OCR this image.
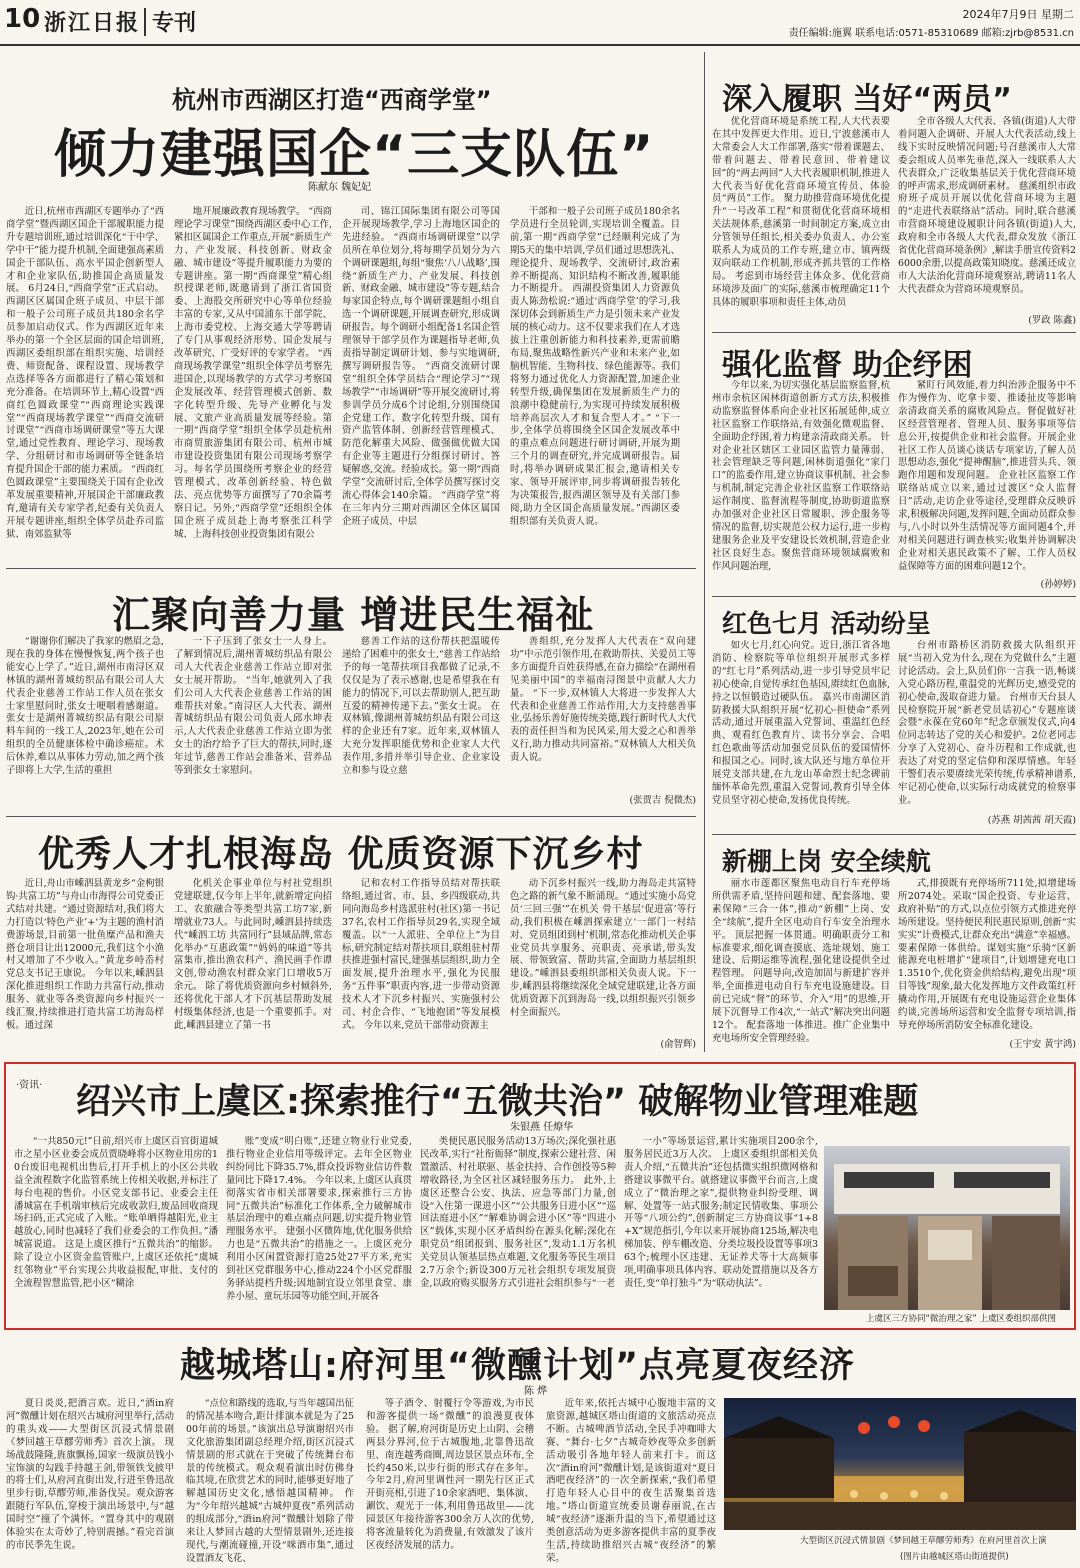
10 浙江日报 专刊	2024年7月9日 星期二
责任编辑:施翼 联系电话:0571-85310689 邮箱:zjrb@8531.cn
杭州市西湖区打造“西商学堂”
倾力建强国企“三支队伍”
陈献东 魏妃妃
近日,杭州市西湖区专题举办了“西商学堂”暨西湖区国企干部履职能力提升专题培训班,通过培训深化“干中学、学中干”能力提升机制,全面建强高素质国企干部队伍、高水平国企创新型人才和企业家队伍,助推国企高质量发展。 6月24日,“西商学堂”正式启动。西湖区区属国企班子成员、中层干部和一般子公司班子成员共180余名学员参加启动仪式。作为西湖区近年来举办的第一个全区层面的国企培训班,西湖区委组织部在组织实施、培训经费、师资配备、课程设置、现场教学点选择等各方面都进行了精心策划和充分准备。在培训环节上,精心设置“西商红色圆政课堂”“西商理论实践课堂”“西商现场教学课堂”“西商交流研讨课堂”“西商市场调研课堂”等五大课堂,通过党性教育、理论学习、现场教学、分组研讨和市场调研等全链条培育提升国企干部的能力素质。 “西商红色圆政课堂”主要围绕关于国有企业改革发展重要精神,开展国企干部廉政教育,邀请有关专家学者,纪委有关负责人开展专题讲座,组织全体学员赴乔司监狱、南郊监狱等
地开展廉政教育现场教学。 “西商理论学习课堂”围绕西湖区委中心工作,紧扣区属国企工作重点,开展“新质生产力、产业发展、科技创新、财政金融、城市建设”等提升履职能力为要的专题讲座。第一期“西商课堂”精心组织授课老师,既邀请到了浙江省国资委、上海股交所研究中心等单位经验丰富的专家,又从中国浦东干部学院、上海市委党校、上海交通大学等聘请了专门从事观经济形势、国企发展与改革研究、广受好评的专家学者。 “西商现场教学课堂”组织全体学员考察先进国企,以现场教学的方式学习考察国企发展改革、经营管理模式创新、数字化转型升级、先导产业孵化与发展、文旅产业高质量发展等经验。第一期“西商学堂”组织全体学员赴杭州市商贸旅游集团有限公司、杭州市城市建设投资集团有限公司现场考察学习。每名学员围绕所考察企业的经营管理模式、改革创新经验、特色做法、亮点优势等方面撰写了70余篇考察日记。另外,“西商学堂”还组织全体国企班子成员赴上海考察张江科学城、上海科技创业投资集团有限公
司、锦江国际集团有限公司等国企开展现场教学,学习上海地区国企的先进经验。 “西商市场调研课堂”以学员所在单位划分,将每期学员划分为六个调研课题组,每组“聚焦‘八八战略’,围绕“新质生产力、产业发展、科技创新、财政金融、城市建设”等专题,结合每家国企特点,每个调研课题组小组自选一个调研课题,开展调查研究,形成调研报告。每个调研小组配备1名国企管理领导干部学员作为课题指导老师,负责指导制定调研计划、参与实地调研,撰写调研报告等。 “西商交流研讨课堂”组织全体学员结合“理论学习”“现场教学”“市场调研”等开展交流研讨,将参训学员分成6个讨论组,分别围绕国企党建工作、数字化转型升级、国有资产监管体制、创新经营管理模式、防范化解重大风险、做强做优做大国有企业等主题进行分组探讨研讨、答疑解惑,交流。经验成长。第一期“西商学堂”交流研讨后,全体学员撰写探讨交流心得体会140余篇。 “西商学堂”将在三年内分三期对西湖区全体区属国企班子成员、中层
干部和一般子公司班子成员180余名学员进行全员轮训,实现培训全覆盖。目前,第一期“西商学堂”已经顺利完成了为期5天的集中培训,学员们通过思想洗礼、理论提升、现场教学、交流研讨,政治素养不断提高、知识结构不断改善,履职能力不断提升。 西湖投资集团人力资源负责人陈劲松说:“通过‘西商学堂’的学习,我深切体会到新质生产力是引领未来产业发展的核心动力。这不仅要求我们在人才选拔上注重创新能力和科技素养,更需前瞻布局,聚焦战略性新兴产业和未来产业,如脑机智能、生物科技、绿色能源等。我们将努力通过优化人力资源配置,加速企业转型升级,确保集团在发展新质生产力的浪潮中稳健前行,为实现可持续发展积极培养高层次人才和复合型人才。” “下一步,全体学员将围绕全区国企发展改革中的重点难点问题进行研讨调研,开展为期三个月的调查研究,并完成调研报告。届时,将举办调研成果汇报会,邀请相关专家、领导开展评审,同步将调研报告转化为决策报告,报西湖区领导及有关部门参阅,助力全区国企高质量发展。”西湖区委组织部有关负责人说。
深入履职 当好“两员”
优化营商环境是系统工程,人大代表要在其中发挥更大作用。近日,宁波慈溪市人大常委会人大工作部署,落实“带着课题去、带着问题去、带着民意回、带着建议回”的“两去两回”人大代表履职机制,推进人大代表当好优化营商环境宣传员、体验员“两员”工作。 聚力助推营商环境优化提升“一号改革工程”和贯彻优化营商环境相关法规体系,慈溪第一时间制定方案,成立由分管领导任组长,相关委办负责人、办公室联系人为成员的工作专班,建立市、镇两级双向联动工作机制,形成齐抓共管的工作格局。 考虑到市场经营主体众多、优化营商环境涉及面广的实际,慈溪市梳理确定11个具体的履职事项和责任主体,动员
全市各级人大代表、各镇(街道)人大带着问题入企调研、开展人大代表活动,线上线下实时反映情况问题;号召慈溪市人大常委会组成人员率先垂范,深入一线联系人大代表群众,广泛收集基层关于优化营商环境的呼声需求,形成调研素材。 慈溪组织市政府班子成员开展以优化营商环境为主题的“走进代表联络站”活动。同时,联合慈溪市营商环境建设履职计问各镇(街道)人大,政府和全市各级人大代表,群众发放《浙江省优化营商环境条例》,解读手册宣传资料26000余册,以提高政策知晓度。慈溪还成立市人大法治化营商环境观察站,聘请11名人大代表群众为营商环境观察员。
(罗政 陈鑫)
强化监督 助企纾困
今年以来,为切实强化基层监察监督,杭州市余杭区闲林街道创新方式方法,积极推动监察监督体系向企业社区拓展延伸,成立社区监察工作联络站,有效强化微观监督、全面助企纾困,着力构建亲清政商关系。 针对企业社区辖区工业园区监管力量薄弱、社会管理缺乏等问题,闲林街道强化“家门口”的监委作用,建立协商议事机制、社会参与机制,制定完善企业社区监察工作联络站运作制度、监督流程等制度,协助街道监察办加强对企业社区日常履职、涉企服务等情况的监督,切实规范公权力运行,进一步构建服务企业及平安建设长效机制,营造企业社区良好生态。聚焦营商环境领域腐败和作风问题治理,
紧盯行风效能,着力纠治涉企服务中不作为慢作为、吃拿卡要、推诿扯皮等影响亲清政商关系的腐败风险点。督促做好社区经营管理者、管理人员、服务事项等信息公开,按提供企业和社会监督。开展企业社区工作人员谈心谈话专项家访,了解人员思想动态,强化“提神醒脑”,推进营头兵、领跑作用题和发现问题。 企业社区监察工作联络站成立以来,通过过渡区“众人监督日”活动,走访企业等途径,受理群众反映诉求,积极解决问题,发挥问题,全面动员群众参与,八小时以外生活情况等方面同题4个,并对相关问题进行调查核实;收集并协调解决企业对相关惠民政策不了解、工作人员权益保障等方面的困难问题12个。
(孙婷婷)
汇聚向善力量 增进民生福祉
“谢谢你们解决了我家的燃眉之急,现在我的身体在慢慢恢复,两个孩子也能安心上学了。”近日,湖州市南浔区双林镇的湖州菁城纺织品有限公司人大代表企业慈善工作站工作人员在张女士家里慰问时,张女士哽咽着感谢道。 张女士是湖州菁城纺织品有限公司原料车间的一线工人,2023年,她在公司组织的全员健康体检中确诊癌症。术后休养,难以从事体力劳动,加之两个孩子即将上大学,生活的重担
一下子压到了张女士一人身上。了解到情况后,湖州菁城纺织品有限公司人大代表企业慈善工作站立即对张女士展开帮助。 “当年,她就列入了我们公司人大代表企业慈善工作站的困难帮扶对象。”南浔区人大代表、湖州菁城纺织品有限公司负责人邱水坤表示,人大代表企业慈善工作站立即为张女士的治疗给予了巨大的帮扶,同时,逐年过节,慈善工作站会准备米、营养品等到张女士家慰问。
慈善工作站的这份帮扶把温暖传递给了困难中的张女士,“慈善工作站给予的每一笔帮扶项目我都做了记录,不仅仅是为了表示感谢,也是希望我在有能力的情况下,可以去帮助别人,把互助互爱的精神传递下去。”张女士说。 在双林镇,像湖州菁城纺织品有限公司这样的企业还有7家。近年来,双林镇人大充分发挥职能优势和企业家人大代表作用,多措并举引导企业、企业家设立和参与设立慈
善组织,充分发挥人大代表在“双向建功”中示范引领作用,在救助帮扶、关爱员工等多方面提升百姓获得感,在奋力描绘“在湖州看见美丽中国”的幸福南浔图景中贡献人大力量。 “下一步,双林镇人大将进一步发挥人大代表和企业慈善工作站作用,大力支持慈善事业,弘扬乐善好施传统美德,践行新时代人大代表的责任担当和为民风采,用大爱之心和善举义行,助力推动共同富裕。”双林镇人大相关负责人说。
(张贾吉 倪微杰)
红色七月 活动纷呈
如火七月,红心向党。近日,浙江省各地消防、检察院等单位组织开展形式多样的“红七月”系列活动,进一步引导党员牢记初心使命,自觉传承红色基因,赓续红色血脉,持之以恒锻造过硬队伍。 嘉兴市南湖区消防救援大队组织开展“忆初心·担使命”系列活动,通过开展重温入党誓词、重温红色经典、观看红色教育片、读书分享会、合唱红色歌曲等活动加强党员队伍的爱国情怀和报国之心。同时,该大队还与地方单位开展党支部共建,在九龙山革命烈士纪念碑前缅怀革命先烈,重温入党誓词,教育引导全体党员坚守初心使命,发扬优良传统。
台州市路桥区消防救援大队组织开展“当初入党为什么,现在为党做什么”主题讨论活动。会上,队员们你一言我一语,畅谈入党心路历程,重温党的光辉历史,感受党的初心使命,汲取奋进力量。 台州市天台县人民检察院开展“新老党员话初心”专题座谈会暨“永葆在党60年”纪念章颁发仪式,向4位同志转达了党的关心和爱护。2位老同志分享了入党初心、奋斗历程和工作成就,也表达了对党的坚定信仰和深厚情感。年轻干警们表示要赓续光荣传统,传承精神谱系,牢记初心使命,以实际行动成就党的检察事业。
(苏燕 胡茜茜 胡天霞)
优秀人才扎根海岛 优质资源下沉乡村
近日,舟山市嵊泗县黄龙乡“金枸银钩·共富工坊”与舟山市海得公司党委正式结对共建。“通过资源结对,我们将大力打造以‘特色产业’+‘为主题的渔村消费游场景,目前第一批鱼糜产品和渔夫搭仓项目让出12000元,我们这个小渔村又增加了不少收入。”黄龙乡峙岙村党总支书记王康说。 今年以来,嵊泗县深化推进组织工作助力共富行动,推动服务、就业等各类资源向乡村振兴一线汇聚,持续推进打造共富工坊海岛样板。通过深
化机关企事业单位与村社党组织党建联建,仅今年上半年,就新增定向招工、农旅融合等类型共富工坊7家,新增就业73人。与此同时,嵊泗县持续迭代“嵊泗工坊 共富同行”县域品牌,常态化举办“互惠政策”“妈妈的味道”等共富集市,推出渔农科产、渔民画手作谭文创,带动渔农村群众家门口增收5万余元。 除了将优质资源向乡村倾斜外,还将优化干部人才下沉基层帮助发展村级集体经济,也是一个重要抓手。对此,嵊泗县建立了第一书
记和农村工作指导员结对帮扶联络组,通过省、市、县、乡四级联动,共同向海岛乡村选派驻村(社区)第一书记37名,农村工作指导员29名,实现全域覆盖。以“一人派驻、全单位上”为目标,研究制定结对帮扶项目,联组驻村帮扶推进强村富民,建强基层组织,助力全面发展,提升治理水平,强化为民服务“五件事”职责内容,进一步带动资源技术人才下沉乡村振兴、实施强村公司、村企合作、“飞地抱团”等发展模式。 今年以来,党员干部带动资源主
动下沉乡村振兴一线,助力海岛走共富特色之路的新气象不断涌现。“通过实施小岛党员‘三回三强’”在机关 骨干基层‘促进富’等行动,我们积极在嵊泗探索建立‘一部门一村结对、党员组团到村’机制,常态化推动机关企事业党员共享服务、亮职责、亮承诺,带头发展、带领致富、帮助共富,全面助力基层组织建设。”嵊泗县委组织部相关负责人说。下一步,嵊泗县将继续深化全域党建联建,让各方面优质资源下沉到海岛一线,以组织振兴引领乡村全面振兴。
(俞智辉)
新棚上岗 安全续航
丽水市莲都区聚焦电动自行车充停场所供需矛盾,坚持问题和建、配套落地、要素保障“三合一体”,推动“新棚”上岗、安全“续航”,提升全区电动自行车安全治理水平。 顶层把握一体贯通。明确职责分工和标准要求,细化调查摸底、选址规划、施工建设、后期运维等流程,强化建设提供全过程管理。 问题导向,改造加固与新建扩容并举,全面推进电动自行车充电设施建设。目前已完成“督”的环节、介入“用”的思维,开展下沉督导工作4次,“一站式”解决突出问题12个。 配套落地一体推进。推广企业集中充电场所安全管理经验。
式,排摸既有充停场所711处,拟增建场所2074处。采取“国企投资、专业运营、政府补贴”的方式,以点位引领方式推进充停场所建设。坚持便民利民惠民原则,创新“实实实”计费模式,让群众充出“满意”幸福感。 要素保障一体供给。谋划实施“乐骑“区新能源充电桩增扩“建项目”,计划增建充电口1.3510个,优化资金供给结构,避免出现“项目等钱”现象,最大化发挥地方文件政策红杆撬动作用,开展既有充电设施运营企业集体约谈,完善场所运营和安全监督专项培训,指导充停场所消防安全标准化建设。
(王宇安 黄宇鸿)
·资讯· 绍兴市上虞区:探索推行“五微共治” 破解物业管理难题
朱银燕 任燎华
“一共850元!”日前,绍兴市上虞区百官街道城市之星小区业委会成员贾晓峰将小区物业用房的10台废旧电视机出售后,打开手机上的小区公共收益全流程数字化监管系统上传相关收据,并标注了每台电视的售价。小区党支部书记、业委会主任潘城富在手机端审核后完成收款归,废品回收商现场扫码,正式完成了入账。“账单晒得越阳光,业主越放心,同时也减轻了我们业委会的工作负担。”潘城富说道。 这是上虞区推行“五微共治”的缩影。除了设立小区资金监管账户,上虞区还依托“虞城红邻物业”平台实现公共收益报配,审批、支付的全流程智慧监管,把小区“糊涂
账”变成“明白账”,还建立物业行业党委,推行物业企业信用等级评定。去年全区物业纠纷同比下降35.7%,群众投诉物业信访件数量同比下降17.4%。 今年以来,上虞区认真贯彻落实省市相关部署要求,探索推行三方协同“五微共治”标准化工作体系,全力破解城市基层治理中的难点痛点问题,切实提升物业管理服务水平。 建强小区微阵地,优化服务供给力也是“五微共治”的措施之一。上虞区充分利用小区闲置资源打造25处27平方米,充实到社区党群服务中心,推动224个小区党群服务驿站提档升级;因地制宜设立邻里食堂、康养小屋、童玩乐园等功能空间,开展各
类便民惠民服务活动13万场次;深化强社惠民改革,实行“社衔衙驿”制度,探索公建社营、闲置激活、村社联驱、基金扶持、合作创投等5种增收路径,为全区社区减轻服务压力。 此外,上虞区还整合公安、执法、应急等部门力量,创设“入住第一课进小区”“公共服务日进小区”“巡回法庭进小区”“解难协调会进小区”等“四进小区”载体,实现小区矛盾纠纷在源头化解;深化在职党员“组团报到、服务社区”,发动1.1万名机关党员认领基层热点难题,文化服务等民生项目2.7万余个;新设300万元社会组织专项发展资金,以政府购买服务方式引进社会组织参与“一老
一小”等场景运营,累计实施项目200余个,服务居民近3万人次。 上虞区委组织部相关负责人介绍,“五微共治”还包括微实组织微网格和搭建议事微平台。就搭建议事微平台而言,上虞成立了“微治理之家”,提供物业纠纷受理、调解、处置等一站式服务;制定民情收集、事项公开等“八项公约”,创新制定三方协商议事“1+8+X”规范指引,今年以来开展协商125场,解决电梯加装、停车棚改造、分类垃圾投设置等事项363个;梳理小区违建、无证养犬等十大高频事项,明确事项具体内容、联动处置措施以及各方责任,变“单打独斗”为“联动执法”。
上虞区三方协同“微治理之家” 上虞区委组织部供图
越城塔山:府河里“微醺计划”点亮夏夜经济
陈 烨
夏日炎炎,把酒言欢。近日,“酒in府河”微醺计划在绍兴古城府河里举行,活动的重头戏——大型街区沉浸式情景剧《梦回越王草醪劳师秀》首次上演。 现场战鼓隆隆,旌旗飘扬,国家一级演员钱小宝饰演的勾践手持越王剑,带领铁戈披甲的将士们,从府河直街出发,行进至鲁迅故里步行街,草醪劳师,准备伐吴。观众游客跟随行军队伍,穿梭于演出场景中,与“越国时空”撞了个满怀。“置身其中的观剧体验实在太奇妙了,特别震撼。”看完首演的市民季先生说。
“点位和路线的选取,与当年越国出征的情况基本吻合,距计排演本就是为了2500年前的场景。”该演出总导演谢绍兴市文化旅游集团副总经理介绍,街区沉浸式情景剧的形式就在于突破了传统舞台布景的传统模式。观众观看演出时仿佛身临其境,在欣赏艺术的同时,能够更好地了解越国历史文化,感悟越国精神。 作为“今年绍兴越城“古城仲夏夜”系列活动的组成部分,“酒in府河”微醺计划除了带来让人梦回古越的大型情景剧外,还连接现代,与潮流碰撞,开设“咪酒市集”,通过设置酒友飞花、
等子酒令、射覆行令等游戏,为市民和游客提供一场“微醺”的浪漫夏夜体验。 据了解,府河街是历史上山阴、会稽两县分界河,位于古城腹地,北靠鲁迅故里、南连越秀商圈,周边景区景点环布,全长约450米,以步行街的形式存在多年。今年2月,府河里调性河一期先行区正式开街亮相,引进了10余家酒吧、集体演、涮饮、观光于一体,利用鲁迅故里——沈园景区年接待游客300余万人次的优势,将客流量转化为消费量,有效激发了该片区夜经济发展的活力。
近年来,依托古城中心腹地丰富的文旅资源,越城区塔山街道的文旅活动亮点不断。古城啤酒节活动,全民手冲咖啡大赛、“舞台·七夕”古城奇妙夜等众多创新活动吸引各地年轻人前来打卡。而这次“酒in府河”微醺计划,是该街道对“夏日酒吧夜经济”的一次全新探索,“我们希望打造年轻人心目中的夜生活聚集首选地。”塔山街道宣统委员谢春丽说,在古城“夜经济”逐渐升温的当下,希望通过这类创意活动为更多游客提供丰富的夏季夜生活,持续助推绍兴古城“夜经济”的繁荣。
大型街区沉浸式情景剧《梦回越王草醪劳师秀》在府河里首次上演
(图片由越城区塔山街道提供)
